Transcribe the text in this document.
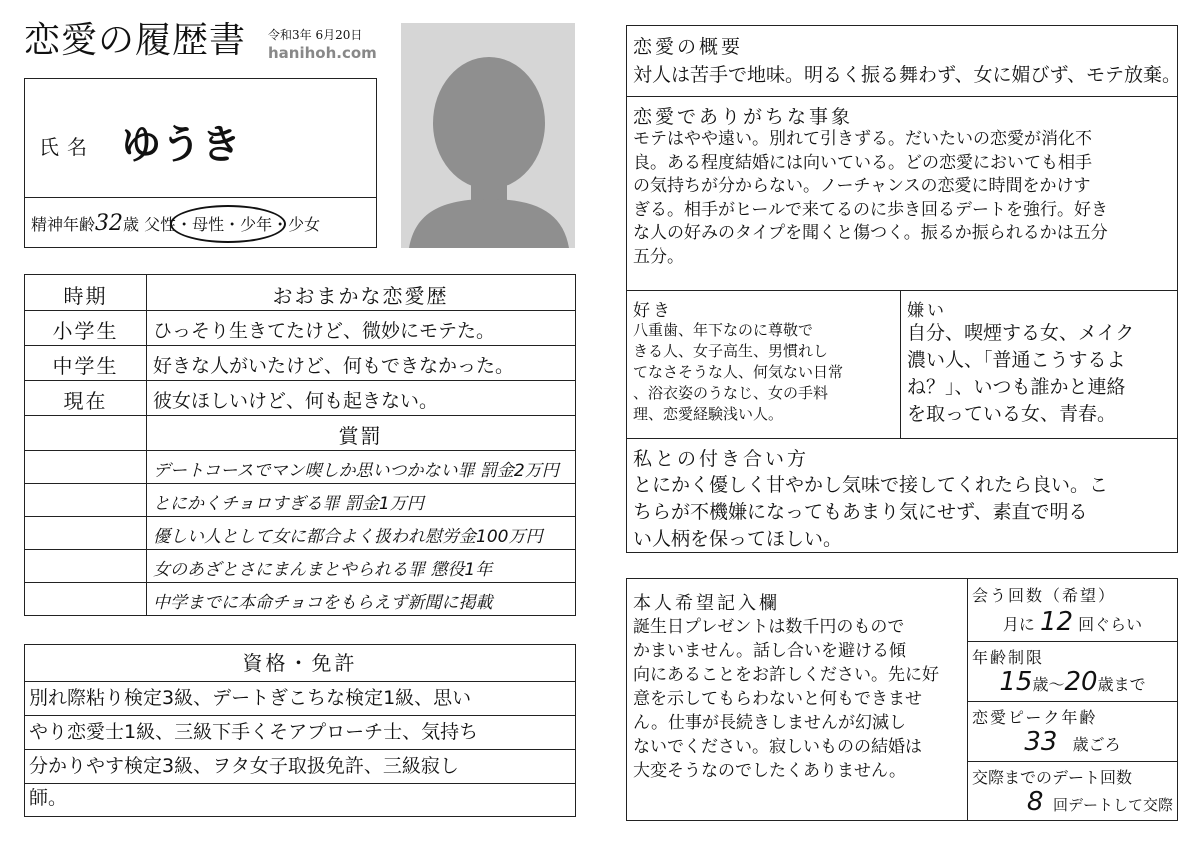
恋愛の履歴書 令和3年 6月20日
hanihoh.com
氏名 ゆうき
精神年齢32歳 父性・母性・少年・少女
時期	おおまかな恋愛歴
小学生	ひっそり生きてたけど、微妙にモテた。
中学生	好きな人がいたけど、何もできなかった。
現在	彼女ほしいけど、何も起きない。
賞罰
デートコースでマン喫しか思いつかない罪 罰金2万円
とにかくチョロすぎる罪 罰金1万円
優しい人として女に都合よく扱われ慰労金100万円
女のあざとさにまんまとやられる罪 懲役1年
中学までに本命チョコをもらえず新聞に掲載
資格・免許
別れ際粘り検定3級、デートぎこちな検定1級、思い
やり恋愛士1級、三級下手くそアプローチ士、気持ち
分かりやす検定3級、ヲタ女子取扱免許、三級寂し
師。
恋愛の概要
対人は苦手で地味。明るく振る舞わず、女に媚びず、モテ放棄。
恋愛でありがちな事象
モテはやや遠い。別れて引きずる。だいたいの恋愛が消化不
良。ある程度結婚には向いている。どの恋愛においても相手
の気持ちが分からない。ノーチャンスの恋愛に時間をかけす
ぎる。相手がヒールで来てるのに歩き回るデートを強行。好き
な人の好みのタイプを聞くと傷つく。振るか振られるかは五分
五分。
好き
八重歯、年下なのに尊敬で
きる人、女子高生、男慣れし
てなさそうな人、何気ない日常
、浴衣姿のうなじ、女の手料
理、恋愛経験浅い人。
嫌い
自分、喫煙する女、メイク
濃い人、「普通こうするよ
ね？」、いつも誰かと連絡
を取っている女、青春。
私との付き合い方
とにかく優しく甘やかし気味で接してくれたら良い。こ
ちらが不機嫌になってもあまり気にせず、素直で明る
い人柄を保ってほしい。
本人希望記入欄
誕生日プレゼントは数千円のもので
かまいません。話し合いを避ける傾
向にあることをお許しください。先に好
意を示してもらわないと何もできませ
ん。仕事が長続きしませんが幻滅し
ないでください。寂しいものの結婚は
大変そうなのでしたくありません。
会う回数（希望）
月に 12 回ぐらい
年齢制限
15歳〜20歳まで
恋愛ピーク年齢
33 歳ごろ
交際までのデート回数
8 回デートして交際
